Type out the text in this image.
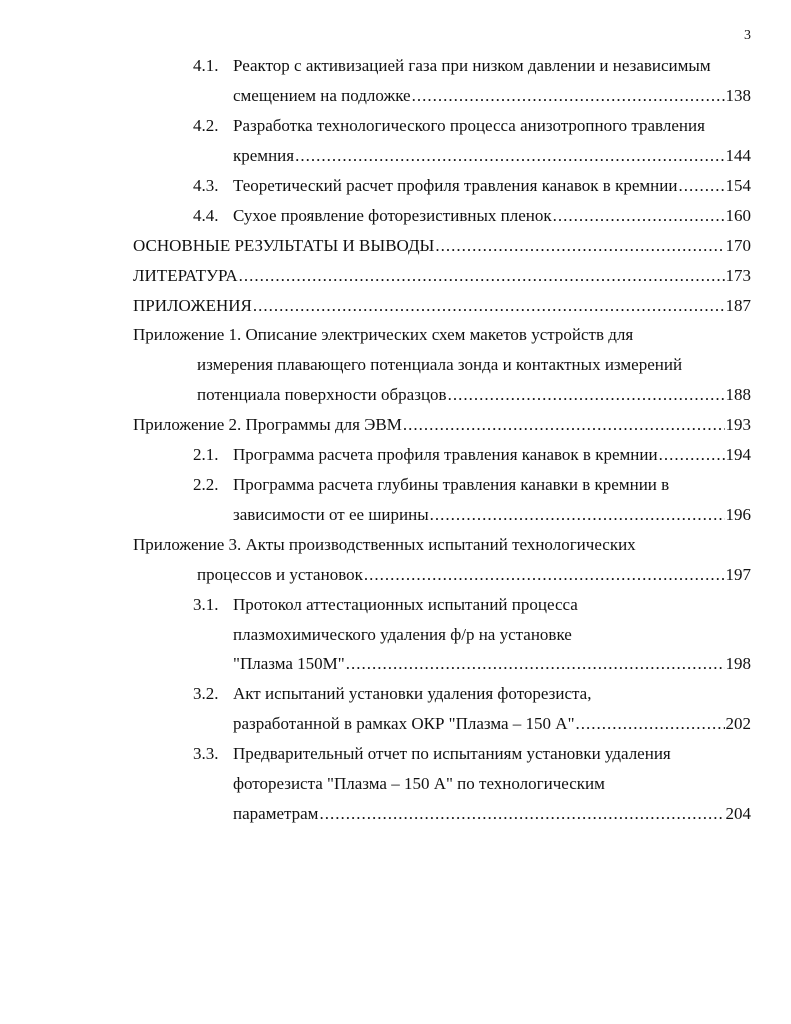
3
4.1. Реактор с активизацией газа при низком давлении и независимым
смещением на подложке .....	138
4.2. Разработка технологического процесса анизотропного травления
кремния .....	144
4.3. Теоретический расчет профиля травления канавок в кремнии .....	154
4.4. Сухое проявление фоторезистивных пленок .....	160
ОСНОВНЫЕ РЕЗУЛЬТАТЫ И ВЫВОДЫ .....	170
ЛИТЕРАТУРА .....	173
ПРИЛОЖЕНИЯ .....	187
Приложение 1. Описание электрических схем макетов устройств для
измерения плавающего потенциала зонда и контактных измерений
потенциала поверхности образцов .....	188
Приложение 2. Программы для ЭВМ .....	193
2.1. Программа расчета профиля травления канавок в кремнии .....	194
2.2. Программа расчета глубины травления канавки в кремнии в
зависимости от ее ширины .....	196
Приложение 3. Акты производственных испытаний технологических
процессов и установок .....	197
3.1. Протокол аттестационных испытаний процесса
плазмохимического удаления ф/р на установке
"Плазма 150М" .....	198
3.2. Акт испытаний установки удаления фоторезиста,
разработанной в рамках ОКР "Плазма – 150 А" .....	202
3.3. Предварительный отчет по испытаниям установки удаления
фоторезиста "Плазма – 150 А" по технологическим
параметрам .....	204
